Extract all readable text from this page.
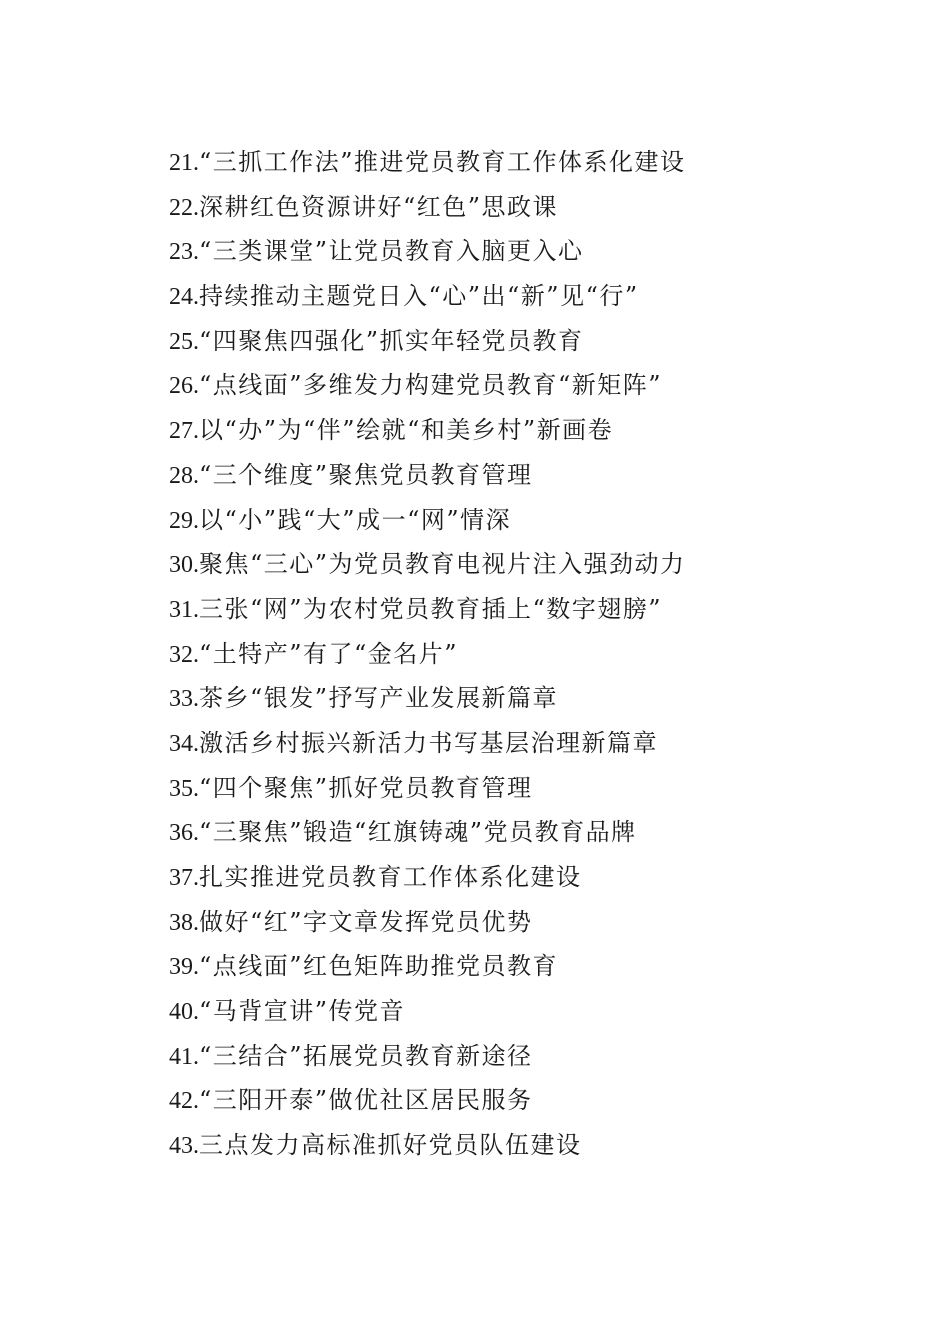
21.“三抓工作法”推进党员教育工作体系化建设
22.深耕红色资源讲好“红色”思政课
23.“三类课堂”让党员教育入脑更入心
24.持续推动主题党日入“心”出“新”见“行”
25.“四聚焦四强化”抓实年轻党员教育
26.“点线面”多维发力构建党员教育“新矩阵”
27.以“办”为“伴”绘就“和美乡村”新画卷
28.“三个维度”聚焦党员教育管理
29.以“小”践“大”成一“网”情深
30.聚焦“三心”为党员教育电视片注入强劲动力
31.三张“网”为农村党员教育插上“数字翅膀”
32.“土特产”有了“金名片”
33.茶乡“银发”抒写产业发展新篇章
34.激活乡村振兴新活力书写基层治理新篇章
35.“四个聚焦”抓好党员教育管理
36.“三聚焦”锻造“红旗铸魂”党员教育品牌
37.扎实推进党员教育工作体系化建设
38.做好“红”字文章发挥党员优势
39.“点线面”红色矩阵助推党员教育
40.“马背宣讲”传党音
41.“三结合”拓展党员教育新途径
42.“三阳开泰”做优社区居民服务
43.三点发力高标准抓好党员队伍建设
